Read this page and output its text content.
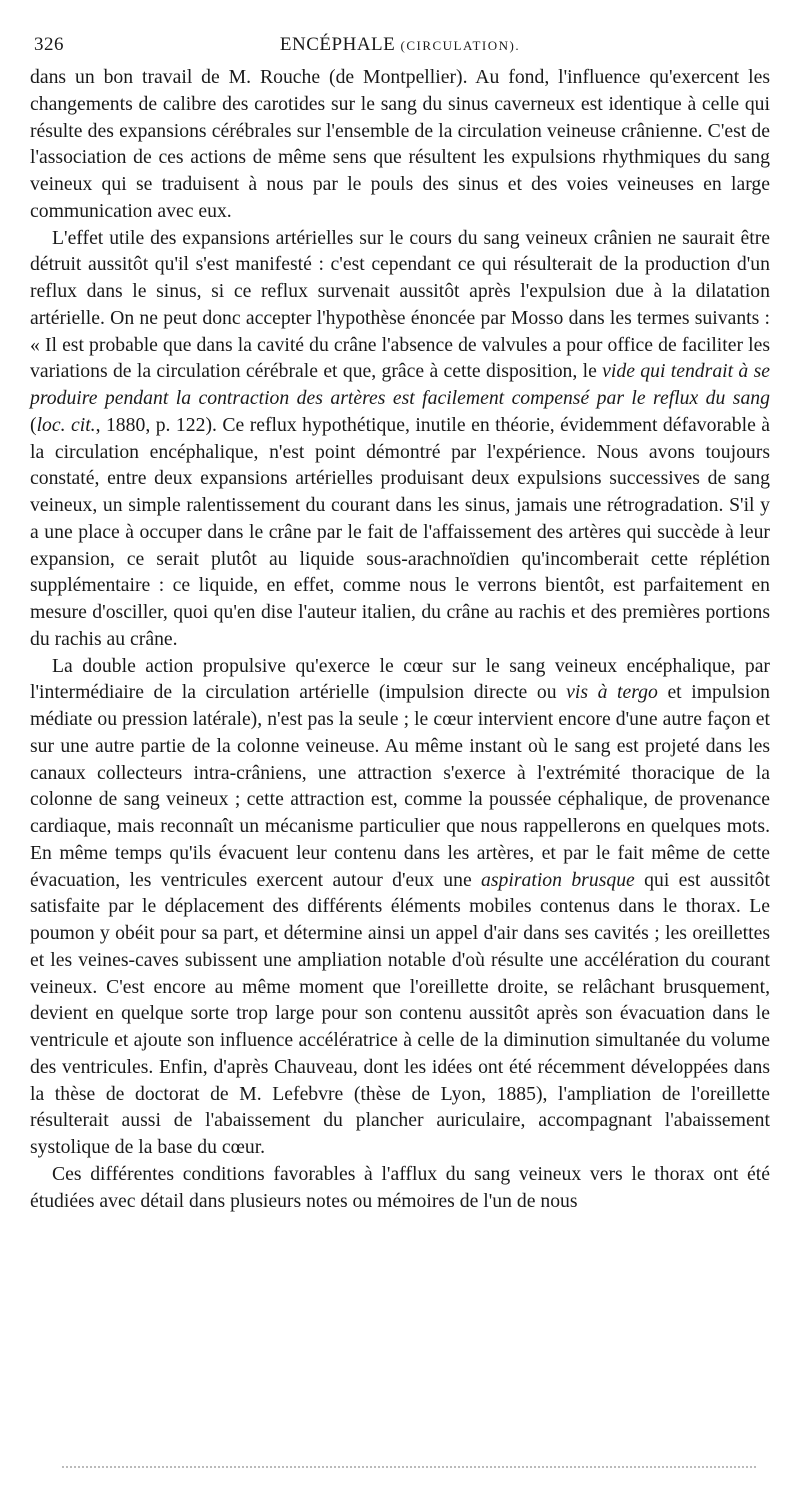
326	ENCÉPHALE (CIRCULATION).

dans un bon travail de M. Rouche (de Montpellier). Au fond, l'influence qu'exercent les changements de calibre des carotides sur le sang du sinus caverneux est identique à celle qui résulte des expansions cérébrales sur l'ensemble de la circulation veineuse crânienne. C'est de l'association de ces actions de même sens que résultent les expulsions rhythmiques du sang veineux qui se traduisent à nous par le pouls des sinus et des voies veineuses en large communication avec eux.

L'effet utile des expansions artérielles sur le cours du sang veineux crânien ne saurait être détruit aussitôt qu'il s'est manifesté : c'est cependant ce qui résulterait de la production d'un reflux dans le sinus, si ce reflux survenait aussitôt après l'expulsion due à la dilatation artérielle. On ne peut donc accepter l'hypothèse énoncée par Mosso dans les termes suivants : « Il est probable que dans la cavité du crâne l'absence de valvules a pour office de faciliter les variations de la circulation cérébrale et que, grâce à cette disposition, le vide qui tendrait à se produire pendant la contraction des artères est facilement compensé par le reflux du sang (loc. cit., 1880, p. 122). Ce reflux hypothétique, inutile en théorie, évidemment défavorable à la circulation encéphalique, n'est point démontré par l'expérience. Nous avons toujours constaté, entre deux expansions artérielles produisant deux expulsions successives de sang veineux, un simple ralentissement du courant dans les sinus, jamais une rétrogradation. S'il y a une place à occuper dans le crâne par le fait de l'affaissement des artères qui succède à leur expansion, ce serait plutôt au liquide sous-arachnoïdien qu'incomberait cette réplétion supplémentaire : ce liquide, en effet, comme nous le verrons bientôt, est parfaitement en mesure d'osciller, quoi qu'en dise l'auteur italien, du crâne au rachis et des premières portions du rachis au crâne.

La double action propulsive qu'exerce le cœur sur le sang veineux encéphalique, par l'intermédiaire de la circulation artérielle (impulsion directe ou vis à tergo et impulsion médiate ou pression latérale), n'est pas la seule ; le cœur intervient encore d'une autre façon et sur une autre partie de la colonne veineuse. Au même instant où le sang est projeté dans les canaux collecteurs intra-crâniens, une attraction s'exerce à l'extrémité thoracique de la colonne de sang veineux ; cette attraction est, comme la poussée céphalique, de provenance cardiaque, mais reconnaît un mécanisme particulier que nous rappellerons en quelques mots. En même temps qu'ils évacuent leur contenu dans les artères, et par le fait même de cette évacuation, les ventricules exercent autour d'eux une aspiration brusque qui est aussitôt satisfaite par le déplacement des différents éléments mobiles contenus dans le thorax. Le poumon y obéit pour sa part, et détermine ainsi un appel d'air dans ses cavités ; les oreillettes et les veines-caves subissent une ampliation notable d'où résulte une accélération du courant veineux. C'est encore au même moment que l'oreillette droite, se relâchant brusquement, devient en quelque sorte trop large pour son contenu aussitôt après son évacuation dans le ventricule et ajoute son influence accélératrice à celle de la diminution simultanée du volume des ventricules. Enfin, d'après Chauveau, dont les idées ont été récemment développées dans la thèse de doctorat de M. Lefebvre (thèse de Lyon, 1885), l'ampliation de l'oreillette résulterait aussi de l'abaissement du plancher auriculaire, accompagnant l'abaissement systolique de la base du cœur.

Ces différentes conditions favorables à l'afflux du sang veineux vers le thorax ont été étudiées avec détail dans plusieurs notes ou mémoires de l'un de nous
